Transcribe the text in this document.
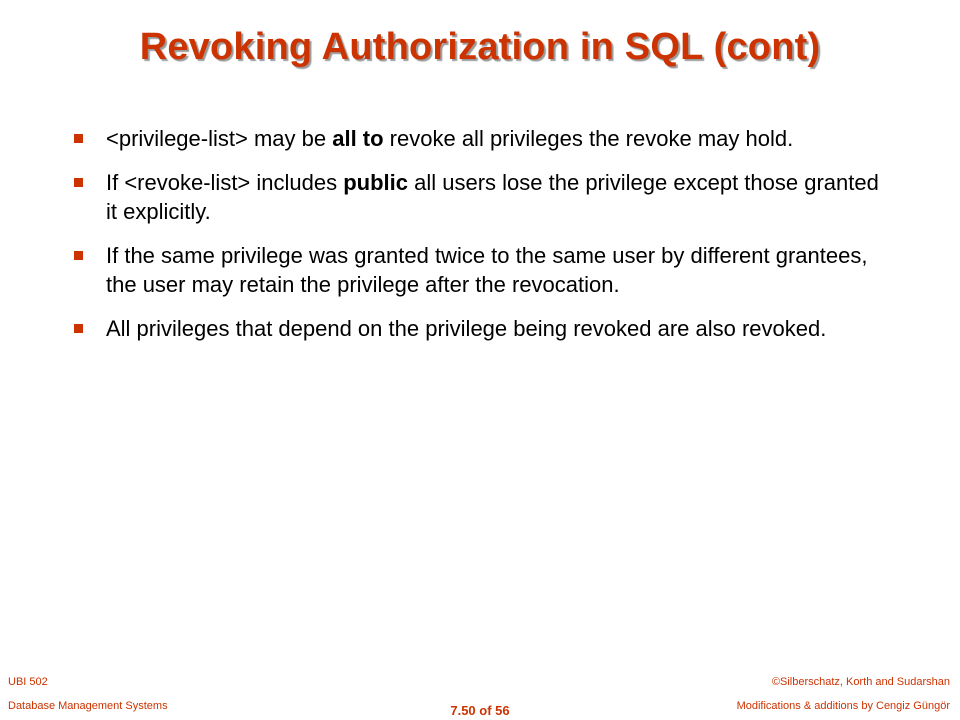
Revoking Authorization in SQL (cont)
<privilege-list> may be all to revoke all privileges the revoke may hold.
If <revoke-list> includes public all users lose the privilege except those granted it explicitly.
If the same privilege was granted twice to the same user by different grantees, the user may retain the privilege after the revocation.
All privileges that depend on the privilege being revoked are also revoked.
UBI 502
Database Management Systems
©Silberschatz, Korth and Sudarshan
Modifications & additions by Cengiz Güngör
7.50 of 56
